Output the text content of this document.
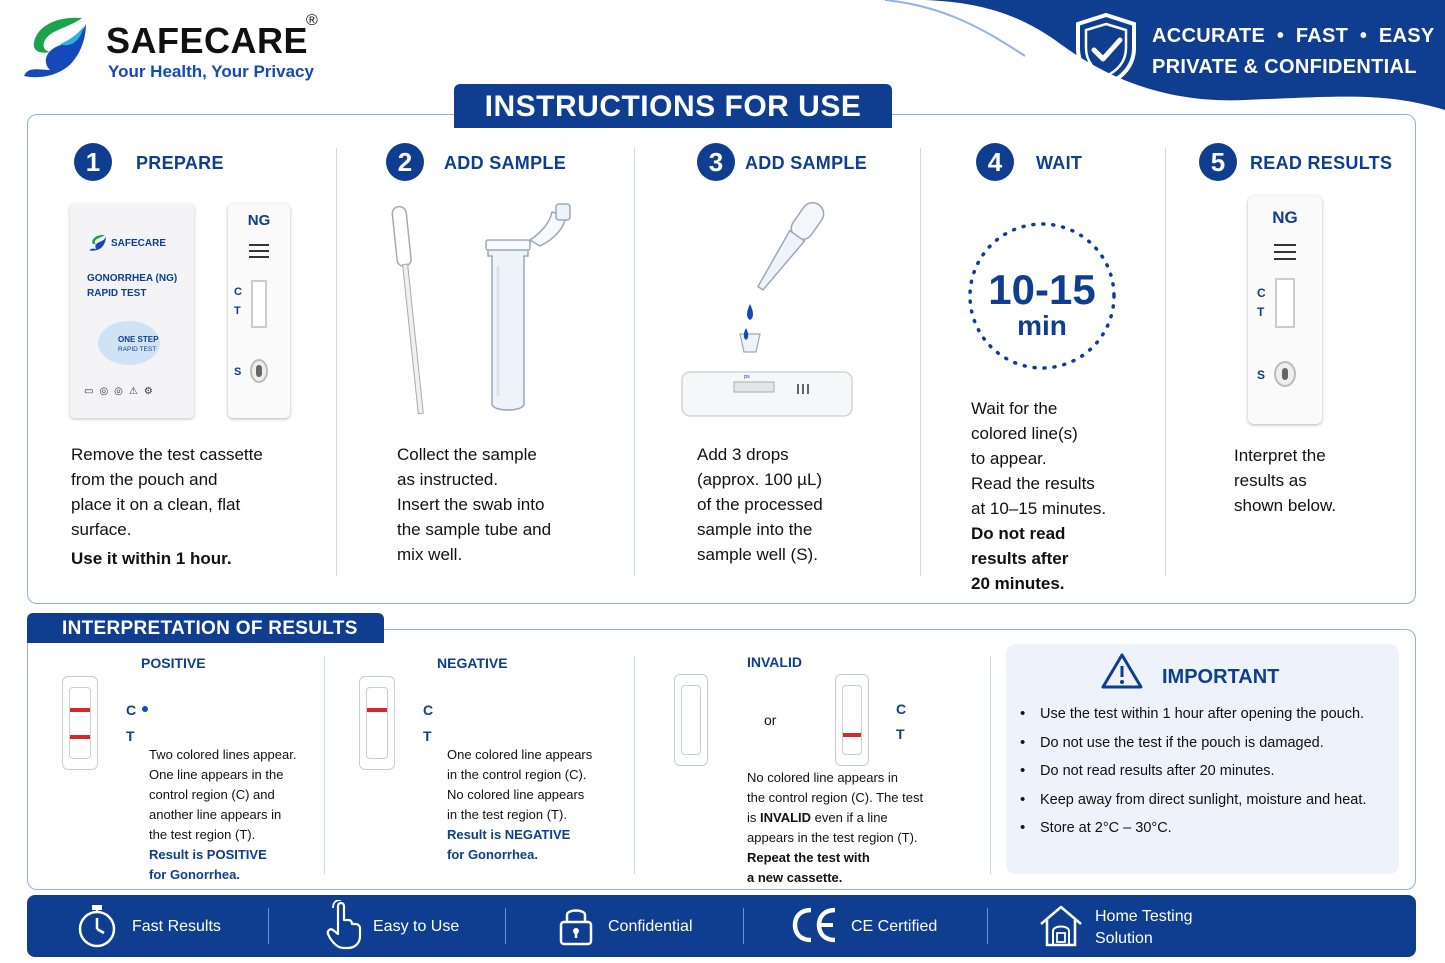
SAFECARE
®
Your Health, Your Privacy
ACCURATE  •  FAST  •  EASY
PRIVATE & CONFIDENTIAL
INSTRUCTIONS FOR USE
1	PREPARE
SAFECARE
GONORRHEA (NG)
RAPID TEST
ONE STEP
RAPID TEST
▭◎◎⚠⚙
NG
C
T
S
Remove the test cassette
from the pouch and
place it on a clean, flat
surface.
Use it within 1 hour.
2	ADD SAMPLE
Collect the sample
as instructed.
Insert the swab into
the sample tube and
mix well.
3	ADD SAMPLE
ᵖˢ
Add 3 drops
(approx. 100 µL)
of the processed
sample into the
sample well (S).
4	WAIT
10-15
min
Wait for the
colored line(s)
to appear.
Read the results
at 10–15 minutes.
Do not read
results after
20 minutes.
5	READ RESULTS
NG
C
T
S
Interpret the
results as
shown below.
INTERPRETATION OF RESULTS
POSITIVE
C
T
Two colored lines appear.
One line appears in the
control region (C) and
another line appears in
the test region (T).
Result is POSITIVE
for Gonorrhea.
NEGATIVE
C
T
One colored line appears
in the control region (C).
No colored line appears
in the test region (T).
Result is NEGATIVE
for Gonorrhea.
INVALID
or
C
T
No colored line appears in
the control region (C). The test
is INVALID even if a line
appears in the test region (T).
Repeat the test with
a new cassette.
IMPORTANT
• Use the test within 1 hour after opening the pouch.
• Do not use the test if the pouch is damaged.
• Do not read results after 20 minutes.
• Keep away from direct sunlight, moisture and heat.
• Store at 2°C – 30°C.
Fast Results	Easy to Use	Confidential	CE Certified
Home Testing
Solution
